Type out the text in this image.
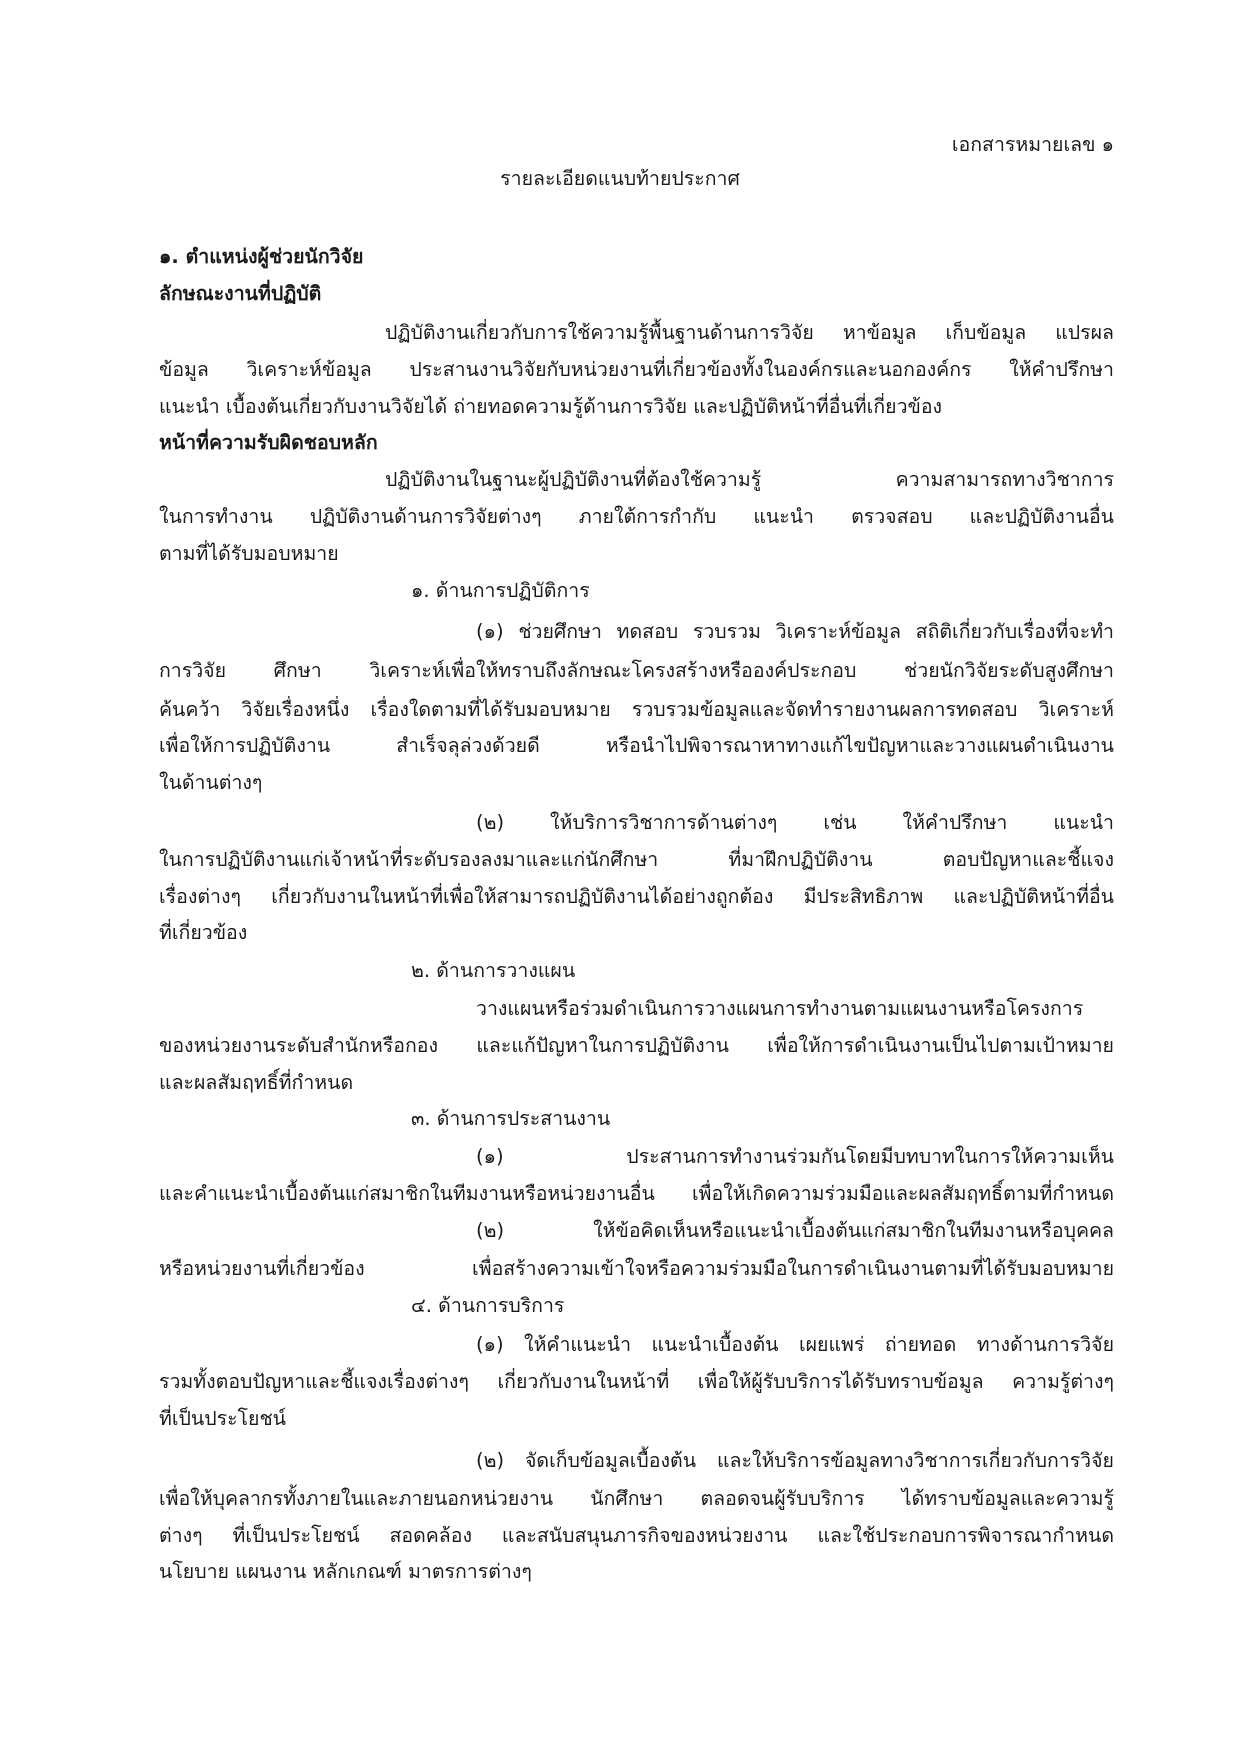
เอกสารหมายเลข ๑
รายละเอียดแนบท้ายประกาศ
๑. ตำแหน่งผู้ช่วยนักวิจัย
ลักษณะงานที่ปฏิบัติ
ปฏิบัติงานเกี่ยวกับการใช้ความรู้พื้นฐานด้านการวิจัย หาข้อมูล เก็บข้อมูล แปรผล
ข้อมูล วิเคราะห์ข้อมูล ประสานงานวิจัยกับหน่วยงานที่เกี่ยวข้องทั้งในองค์กรและนอกองค์กร ให้คำปรึกษา
แนะนำ เบื้องต้นเกี่ยวกับงานวิจัยได้ ถ่ายทอดความรู้ด้านการวิจัย และปฏิบัติหน้าที่อื่นที่เกี่ยวข้อง
หน้าที่ความรับผิดชอบหลัก
ปฏิบัติงานในฐานะผู้ปฏิบัติงานที่ต้องใช้ความรู้ ความสามารถทางวิชาการ
ในการทำงาน ปฏิบัติงานด้านการวิจัยต่างๆ ภายใต้การกำกับ แนะนำ ตรวจสอบ และปฏิบัติงานอื่น
ตามที่ได้รับมอบหมาย
๑. ด้านการปฏิบัติการ
(๑) ช่วยศึกษา ทดสอบ รวบรวม วิเคราะห์ข้อมูล สถิติเกี่ยวกับเรื่องที่จะทำ
การวิจัย ศึกษา วิเคราะห์เพื่อให้ทราบถึงลักษณะโครงสร้างหรือองค์ประกอบ ช่วยนักวิจัยระดับสูงศึกษา
ค้นคว้า วิจัยเรื่องหนึ่ง เรื่องใดตามที่ได้รับมอบหมาย รวบรวมข้อมูลและจัดทำรายงานผลการทดสอบ วิเคราะห์
เพื่อให้การปฏิบัติงาน สำเร็จลุล่วงด้วยดี หรือนำไปพิจารณาหาทางแก้ไขปัญหาและวางแผนดำเนินงาน
ในด้านต่างๆ
(๒) ให้บริการวิชาการด้านต่างๆ เช่น ให้คำปรึกษา แนะนำ
ในการปฏิบัติงานแก่เจ้าหน้าที่ระดับรองลงมาและแก่นักศึกษา ที่มาฝึกปฏิบัติงาน ตอบปัญหาและชี้แจง
เรื่องต่างๆ เกี่ยวกับงานในหน้าที่เพื่อให้สามารถปฏิบัติงานได้อย่างถูกต้อง มีประสิทธิภาพ และปฏิบัติหน้าที่อื่น
ที่เกี่ยวข้อง
๒. ด้านการวางแผน
วางแผนหรือร่วมดำเนินการวางแผนการทำงานตามแผนงานหรือโครงการ
ของหน่วยงานระดับสำนักหรือกอง และแก้ปัญหาในการปฏิบัติงาน เพื่อให้การดำเนินงานเป็นไปตามเป้าหมาย
และผลสัมฤทธิ์ที่กำหนด
๓. ด้านการประสานงาน
(๑) ประสานการทำงานร่วมกันโดยมีบทบาทในการให้ความเห็น
และคำแนะนำเบื้องต้นแก่สมาชิกในทีมงานหรือหน่วยงานอื่น เพื่อให้เกิดความร่วมมือและผลสัมฤทธิ์ตามที่กำหนด
(๒) ให้ข้อคิดเห็นหรือแนะนำเบื้องต้นแก่สมาชิกในทีมงานหรือบุคคล
หรือหน่วยงานที่เกี่ยวข้อง เพื่อสร้างความเข้าใจหรือความร่วมมือในการดำเนินงานตามที่ได้รับมอบหมาย
๔. ด้านการบริการ
(๑) ให้คำแนะนำ แนะนำเบื้องต้น เผยแพร่ ถ่ายทอด ทางด้านการวิจัย
รวมทั้งตอบปัญหาและชี้แจงเรื่องต่างๆ เกี่ยวกับงานในหน้าที่ เพื่อให้ผู้รับบริการได้รับทราบข้อมูล ความรู้ต่างๆ
ที่เป็นประโยชน์
(๒) จัดเก็บข้อมูลเบื้องต้น และให้บริการข้อมูลทางวิชาการเกี่ยวกับการวิจัย
เพื่อให้บุคลากรทั้งภายในและภายนอกหน่วยงาน นักศึกษา ตลอดจนผู้รับบริการ ได้ทราบข้อมูลและความรู้
ต่างๆ ที่เป็นประโยชน์ สอดคล้อง และสนับสนุนภารกิจของหน่วยงาน และใช้ประกอบการพิจารณากำหนด
นโยบาย แผนงาน หลักเกณฑ์ มาตรการต่างๆ
